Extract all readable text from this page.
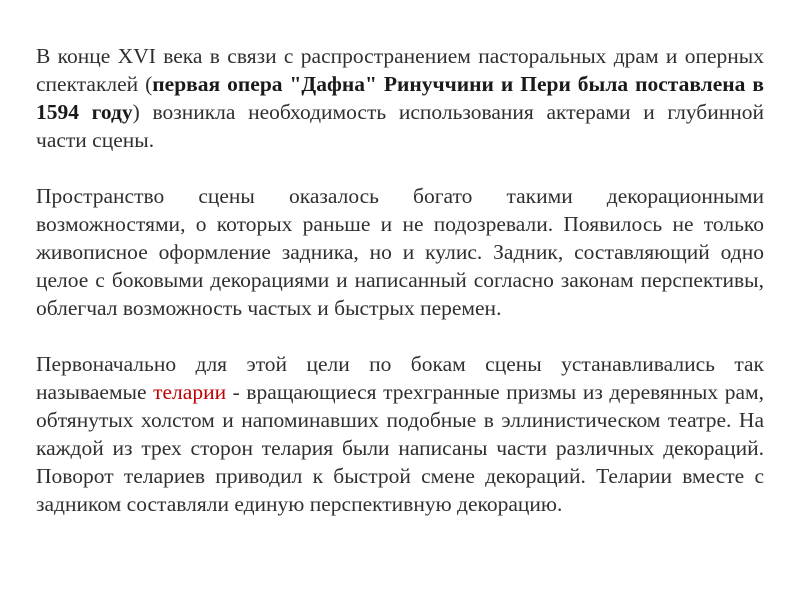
В конце XVI века в связи с распространением пасторальных драм и оперных спектаклей (первая опера "Дафна" Ринуччини и Пери была поставлена в 1594 году) возникла необходимость использования актерами и глубинной части сцены.

Пространство сцены оказалось богато такими декорационными возможностями, о которых раньше и не подозревали. Появилось не только живописное оформление задника, но и кулис. Задник, составляющий одно целое с боковыми декорациями и написанный согласно законам перспективы, облегчал возможность частых и быстрых перемен.

Первоначально для этой цели по бокам сцены устанавливались так называемые теларии - вращающиеся трехгранные призмы из деревянных рам, обтянутых холстом и напоминавших подобные в эллинистическом театре. На каждой из трех сторон телария были написаны части различных декораций. Поворот телариев приводил к быстрой смене декораций. Теларии вместе с задником составляли единую перспективную декорацию.
